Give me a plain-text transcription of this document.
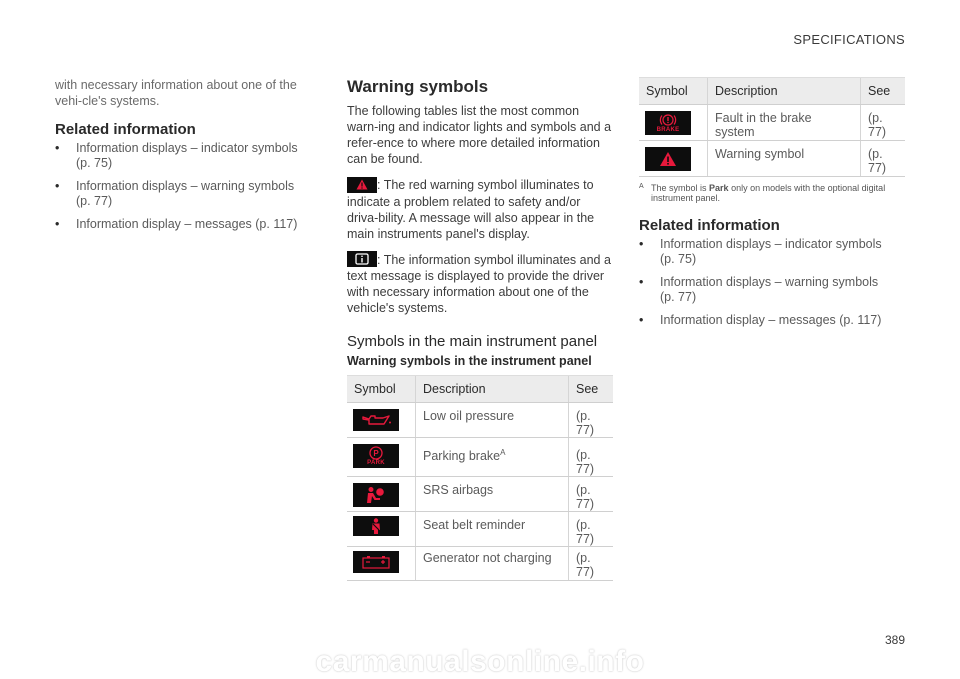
SPECIFICATIONS

with necessary information about one of the vehi-cle's systems.

Related information
• Information displays – indicator symbols
(p. 75)
• Information displays – warning symbols
(p. 77)
• Information display – messages (p. 117)
Warning symbols

The following tables list the most common warn-ing and indicator lights and symbols and a refer-ence to where more detailed information can be found.

: The red warning symbol illuminates to indicate a problem related to safety and/or driva-bility. A message will also appear in the main instruments panel's display.

: The information symbol illuminates and a text message is displayed to provide the driver with necessary information about one of the vehicle's systems.

Symbols in the main instrument panel
Warning symbols in the instrument panel
Symbol	Description	See

	Low oil pressure	(p. 77)

P
PARK	Parking brake$^A$	(p. 77)

	SRS airbags	(p. 77)

	Seat belt reminder	(p. 77)

	Generator not charging	(p. 77)
Symbol	Description	See

BRAKE	Fault in the brake system	(p. 77)

	Warning symbol	(p. 77)
A The symbol is Park only on models with the optional digital instrument panel.
Related information
• Information displays – indicator symbols
(p. 75)
• Information displays – warning symbols
(p. 77)
• Information display – messages (p. 117)
389
carmanualsonline.info
